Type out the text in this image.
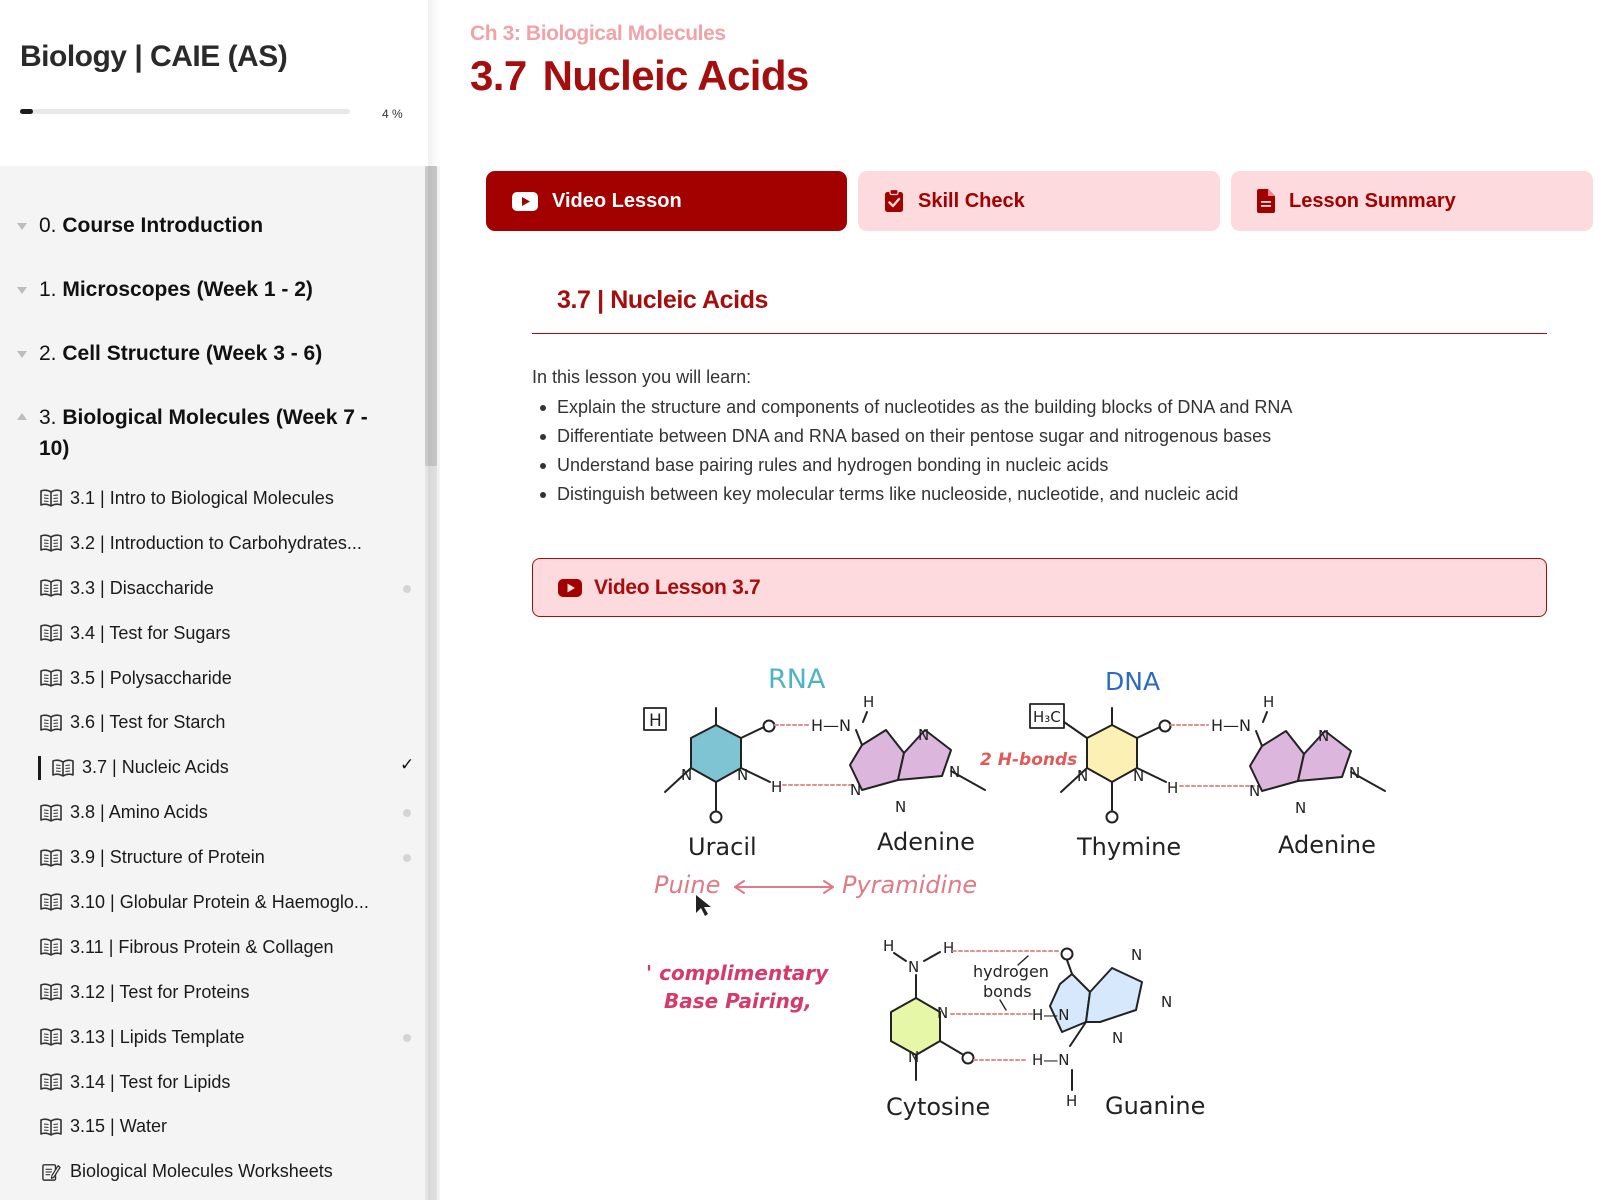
Biology | CAIE (AS)
4 %
0. Course Introduction
1. Microscopes (Week 1 - 2)
2. Cell Structure (Week 3 - 6)
3. Biological Molecules (Week 7 - 10)
3.1 | Intro to Biological Molecules
3.2 | Introduction to Carbohydrates...
3.3 | Disaccharide
3.4 | Test for Sugars
3.5 | Polysaccharide
3.6 | Test for Starch
3.7 | Nucleic Acids	✓
3.8 | Amino Acids
3.9 | Structure of Protein
3.10 | Globular Protein & Haemoglo...
3.11 | Fibrous Protein & Collagen
3.12 | Test for Proteins
3.13 | Lipids Template
3.14 | Test for Lipids
3.15 | Water
Biological Molecules Worksheets
Ch 3: Biological Molecules
3.7 Nucleic Acids
Video Lesson	Skill Check	Lesson Summary
3.7 | Nucleic Acids

In this lesson you will learn:

Explain the structure and components of nucleotides as the building blocks of DNA and RNA
Differentiate between DNA and RNA based on their pentose sugar and nitrogenous bases
Understand base pairing rules and hydrogen bonding in nucleic acids
Distinguish between key molecular terms like nucleoside, nucleotide, and nucleic acid
Video Lesson 3.7
RNA	DNA
H	H—N
H
H
N	N
Uracil
N
N
N
N
Adenine
2 H-bonds
H₃C	H—N
H
H
N	N
Thymine
N
N
N
N
Adenine
Puine	Pyramidine
' complimentary
Base Pairing,
H	H
N
N
N
Cytosine
hydrogen
bonds
H—N
H—N
H
N
N
N
Guanine
